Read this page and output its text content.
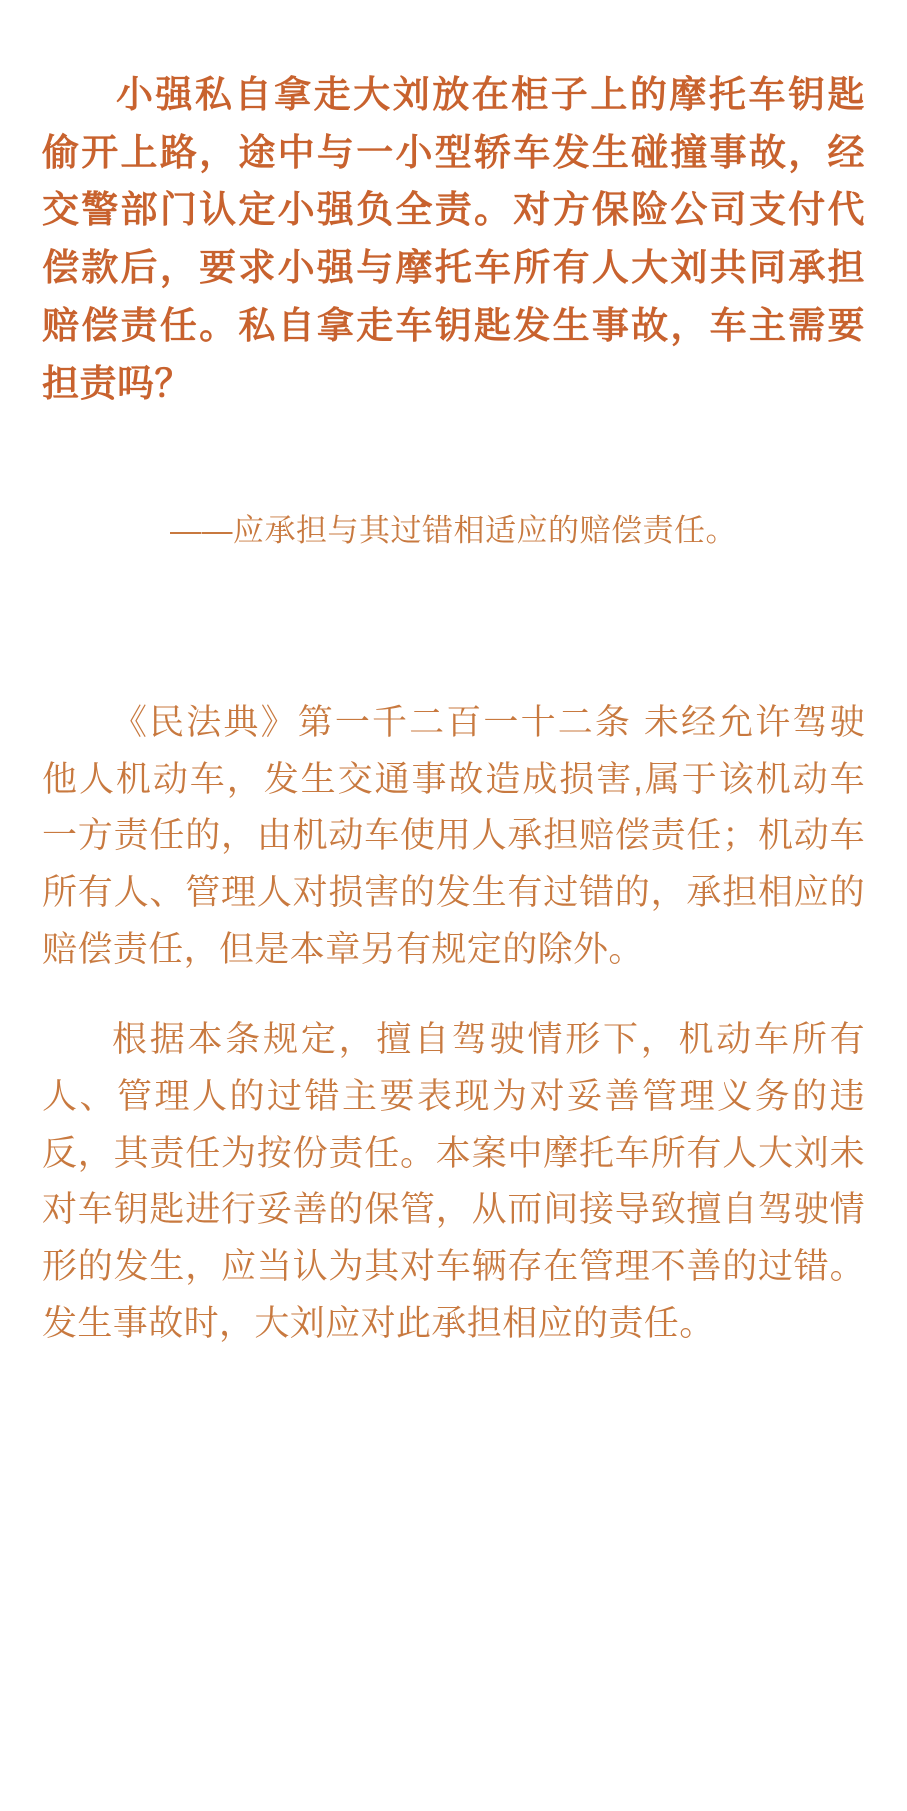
小强私自拿走大刘放在柜子上的摩托车钥匙偷开上路，途中与一小型轿车发生碰撞事故，经交警部门认定小强负全责。对方保险公司支付代偿款后，要求小强与摩托车所有人大刘共同承担赔偿责任。私自拿走车钥匙发生事故，车主需要担责吗？

——应承担与其过错相适应的赔偿责任。

《民法典》第一千二百一十二条 未经允许驾驶他人机动车，发生交通事故造成损害,属于该机动车一方责任的，由机动车使用人承担赔偿责任；机动车所有人、管理人对损害的发生有过错的，承担相应的赔偿责任，但是本章另有规定的除外。

根据本条规定，擅自驾驶情形下，机动车所有人、管理人的过错主要表现为对妥善管理义务的违反，其责任为按份责任。本案中摩托车所有人大刘未对车钥匙进行妥善的保管，从而间接导致擅自驾驶情形的发生，应当认为其对车辆存在管理不善的过错。发生事故时，大刘应对此承担相应的责任。
